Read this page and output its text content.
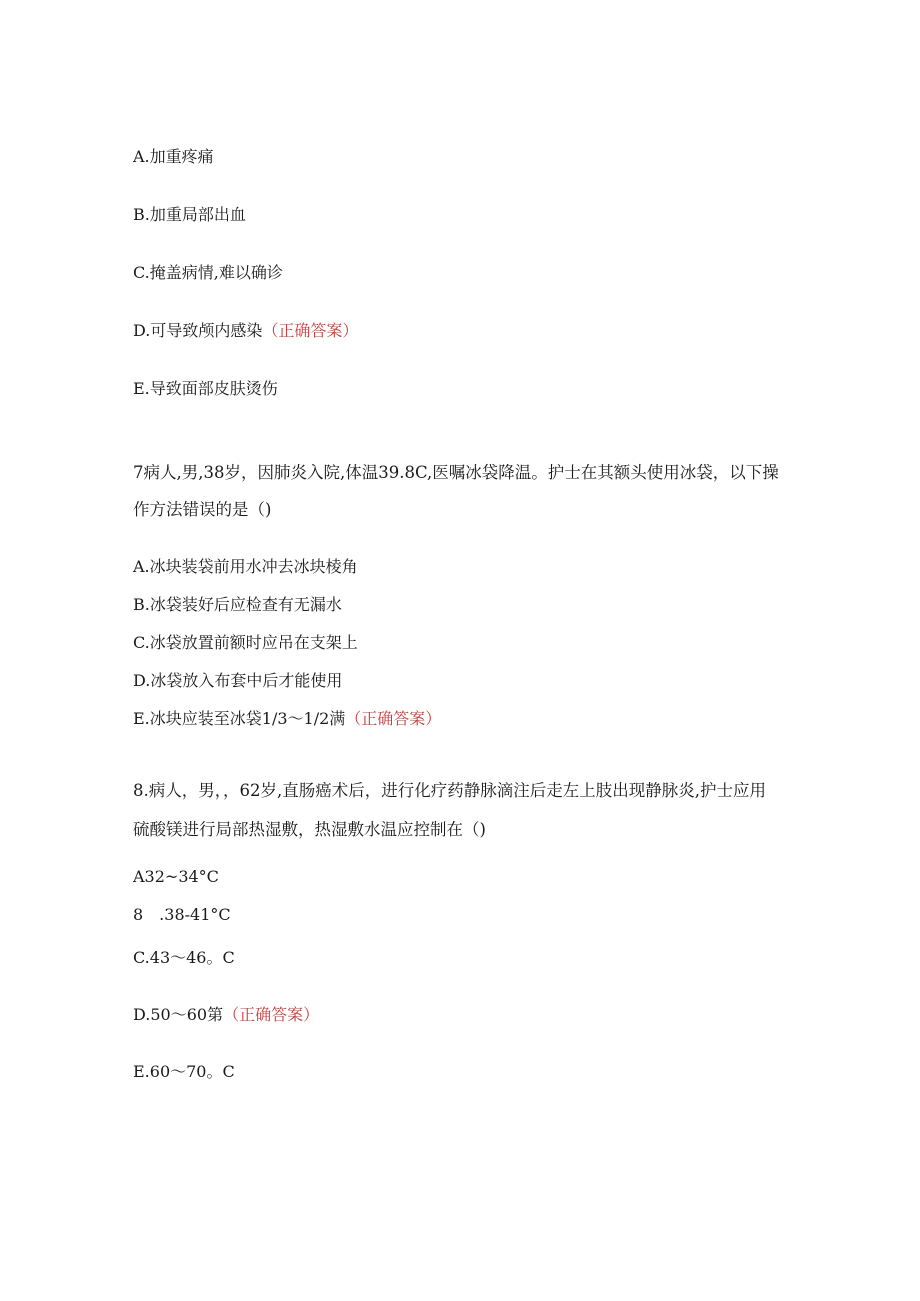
A.加重疼痛
B.加重局部出血
C.掩盖病情,难以确诊
D.可导致颅内感染（正确答案）
E.导致面部皮肤烫伤
7病人,男,38岁，因肺炎入院,体温39.8C,医嘱冰袋降温。护士在其额头使用冰袋，以下操
作方法错误的是（)
A.冰块装袋前用水冲去冰块棱角
B.冰袋装好后应检查有无漏水
C.冰袋放置前额时应吊在支架上
D.冰袋放入布套中后才能使用
E.冰块应装至冰袋1/3～1/2满（正确答案）
8.病人，男，，62岁,直肠癌术后，进行化疗药静脉滴注后走左上肢出现静脉炎,护士应用
硫酸镁进行局部热湿敷，热湿敷水温应控制在（)
A32~34°C
8　.38-41°C
C.43～46。C
D.50～60第（正确答案）
E.60～70。C
